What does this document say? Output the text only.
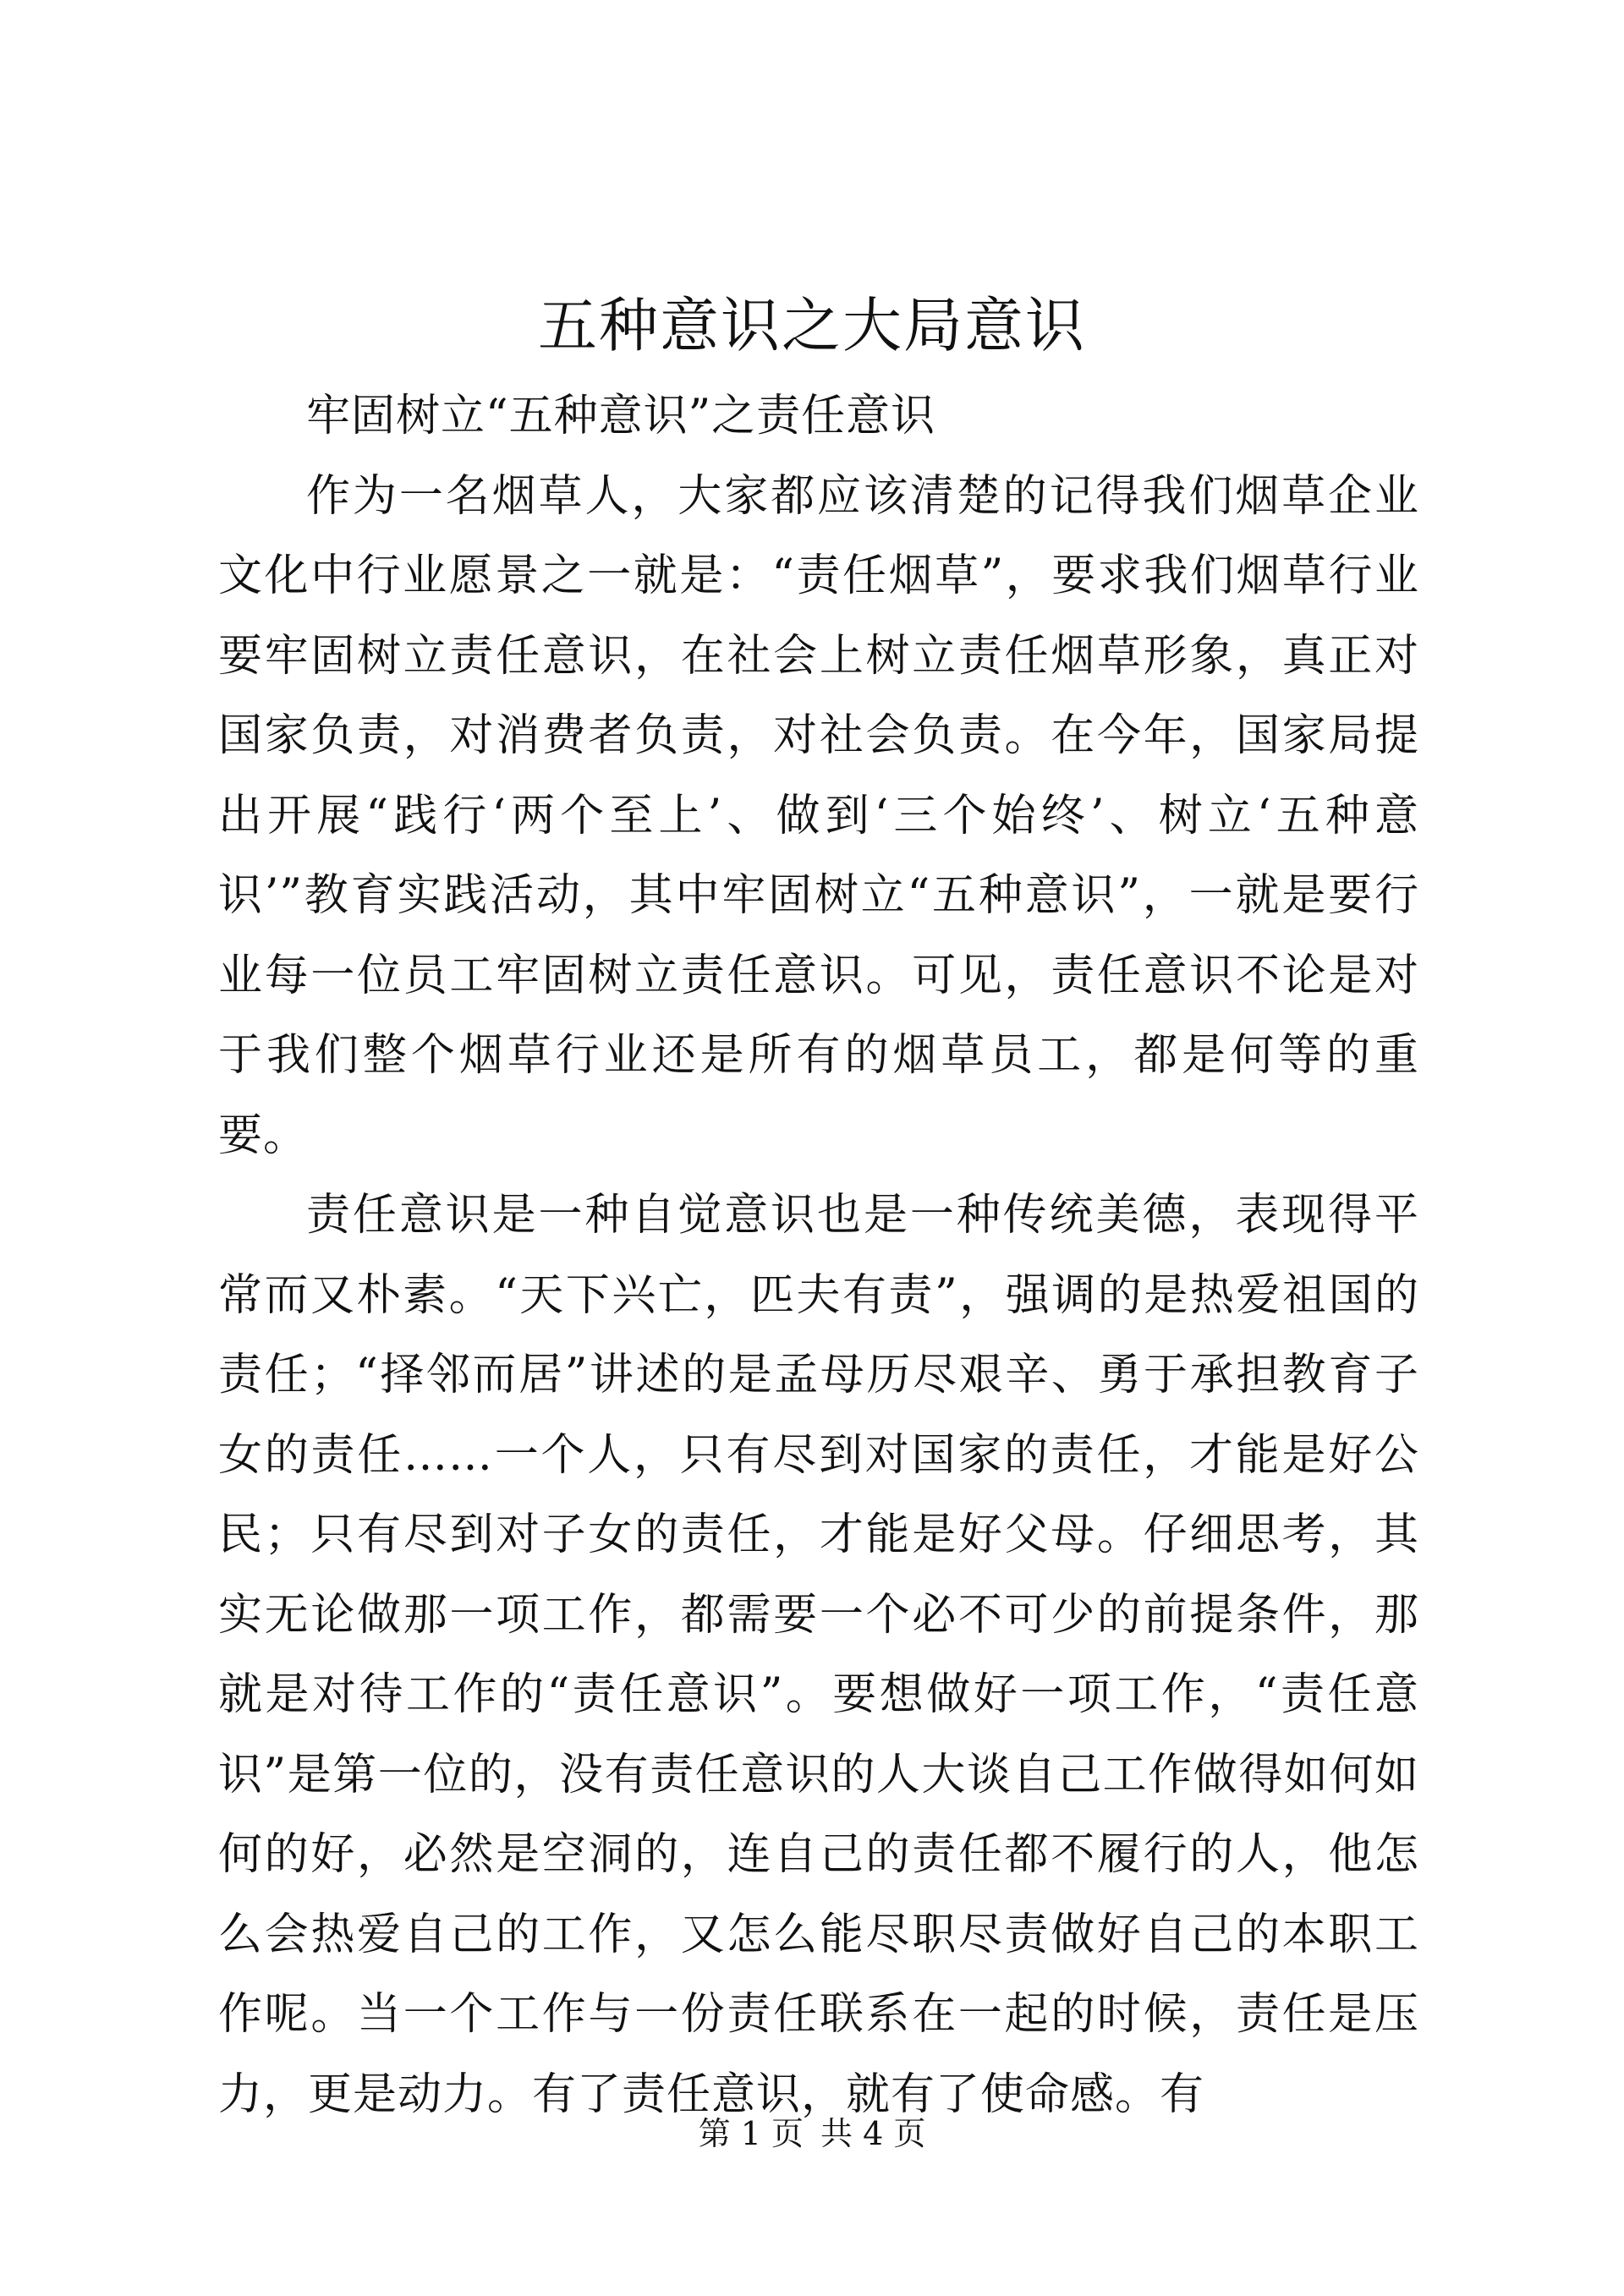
五种意识之大局意识

牢固树立“五种意识”之责任意识

作为一名烟草人，大家都应该清楚的记得我们烟草企业文化中行业愿景之一就是：“责任烟草”，要求我们烟草行业要牢固树立责任意识，在社会上树立责任烟草形象，真正对国家负责，对消费者负责，对社会负责。在今年，国家局提出开展“践行‘两个至上’、做到‘三个始终’、树立‘五种意识’”教育实践活动，其中牢固树立“五种意识”，一就是要行业每一位员工牢固树立责任意识。可见，责任意识不论是对于我们整个烟草行业还是所有的烟草员工，都是何等的重要。

责任意识是一种自觉意识也是一种传统美德，表现得平常而又朴素。“天下兴亡，匹夫有责”，强调的是热爱祖国的责任；“择邻而居”讲述的是孟母历尽艰辛、勇于承担教育子女的责任……一个人，只有尽到对国家的责任，才能是好公民；只有尽到对子女的责任，才能是好父母。仔细思考，其实无论做那一项工作，都需要一个必不可少的前提条件，那就是对待工作的“责任意识”。要想做好一项工作，“责任意识”是第一位的，没有责任意识的人大谈自己工作做得如何如何的好，必然是空洞的，连自己的责任都不履行的人，他怎么会热爱自己的工作，又怎么能尽职尽责做好自己的本职工作呢。当一个工作与一份责任联系在一起的时候，责任是压力，更是动力。有了责任意识，就有了使命感。有

第 1 页 共 4 页
